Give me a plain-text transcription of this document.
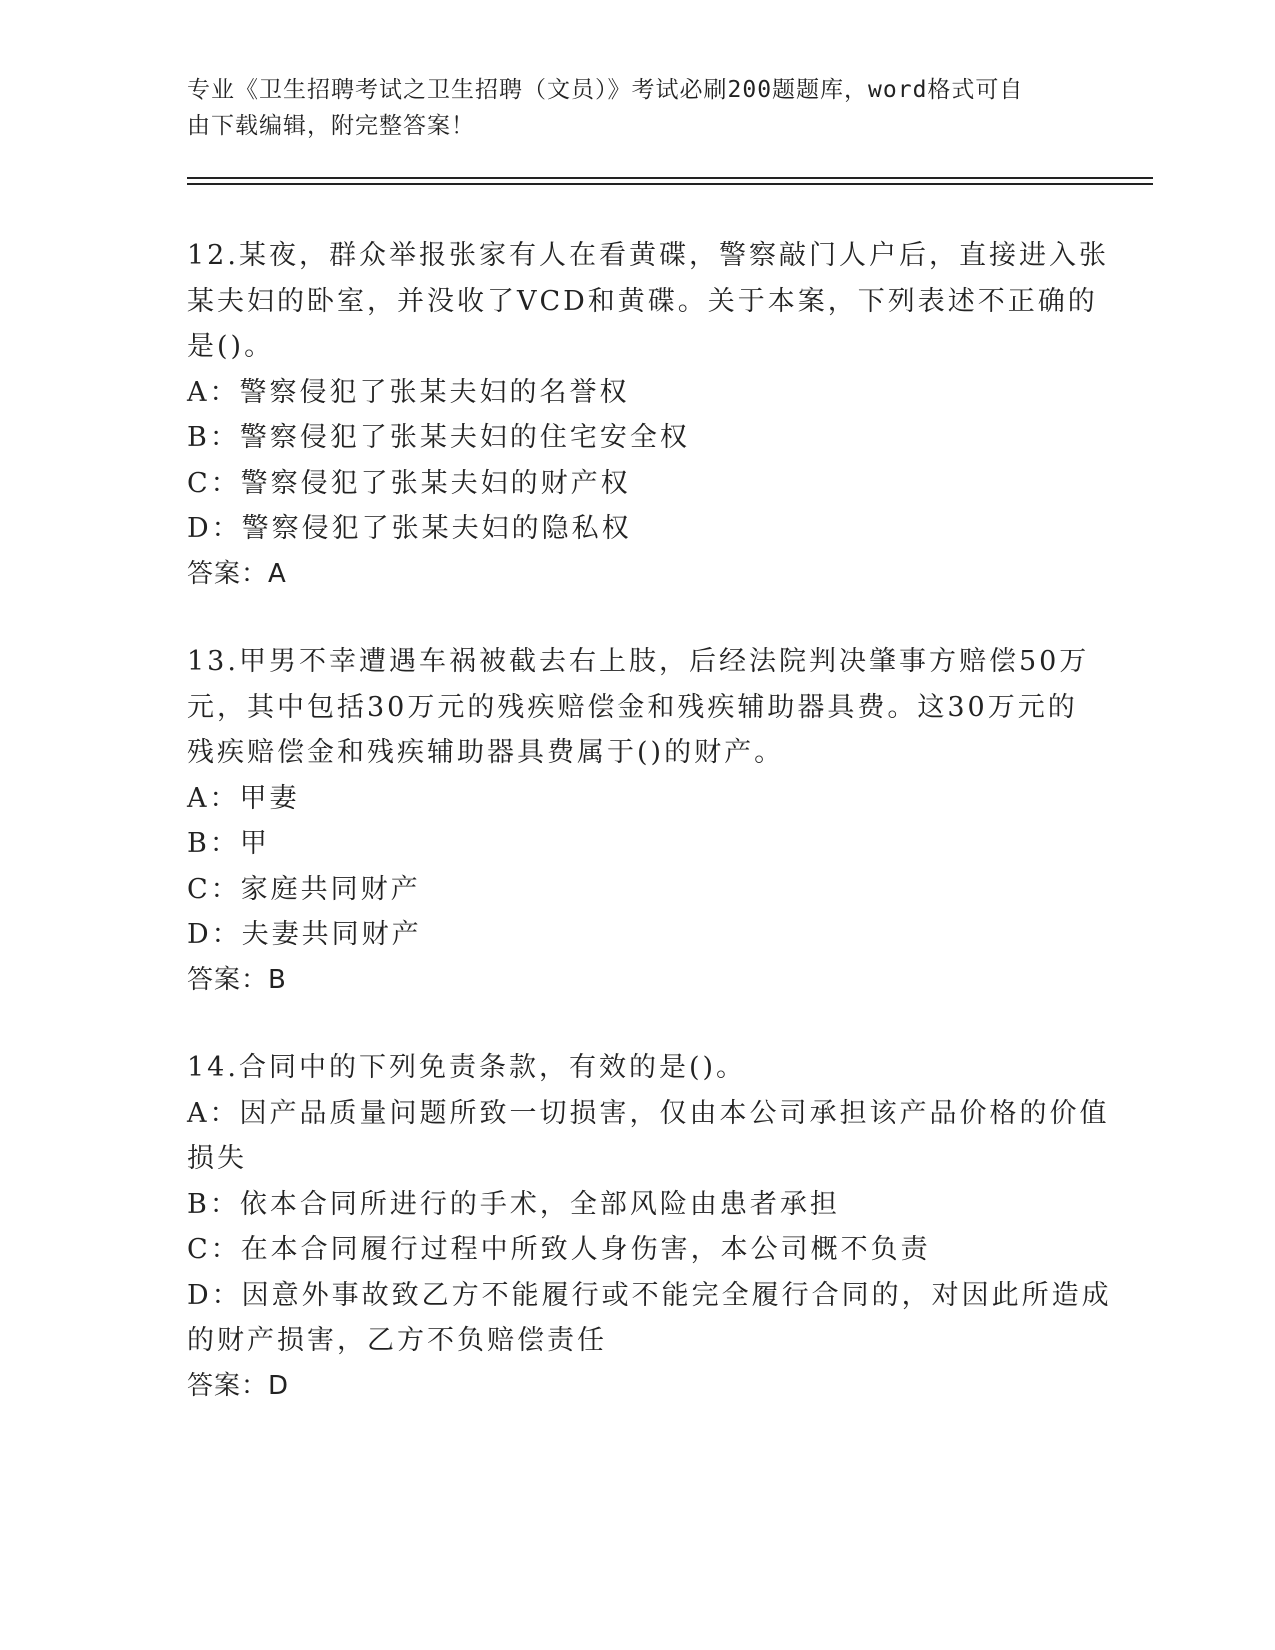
专业《卫生招聘考试之卫生招聘（文员）》考试必刷200题题库，word格式可自
由下载编辑，附完整答案！
12.某夜，群众举报张家有人在看黄碟，警察敲门人户后，直接进入张
某夫妇的卧室，并没收了VCD和黄碟。关于本案，下列表述不正确的
是()。
A：警察侵犯了张某夫妇的名誉权
B：警察侵犯了张某夫妇的住宅安全权
C：警察侵犯了张某夫妇的财产权
D：警察侵犯了张某夫妇的隐私权
答案：A
13.甲男不幸遭遇车祸被截去右上肢，后经法院判决肇事方赔偿50万
元，其中包括30万元的残疾赔偿金和残疾辅助器具费。这30万元的
残疾赔偿金和残疾辅助器具费属于()的财产。
A：甲妻
B：甲
C：家庭共同财产
D：夫妻共同财产
答案：B
14.合同中的下列免责条款，有效的是()。
A：因产品质量问题所致一切损害，仅由本公司承担该产品价格的价值
损失
B：依本合同所进行的手术，全部风险由患者承担
C：在本合同履行过程中所致人身伤害，本公司概不负责
D：因意外事故致乙方不能履行或不能完全履行合同的，对因此所造成
的财产损害，乙方不负赔偿责任
答案：D
